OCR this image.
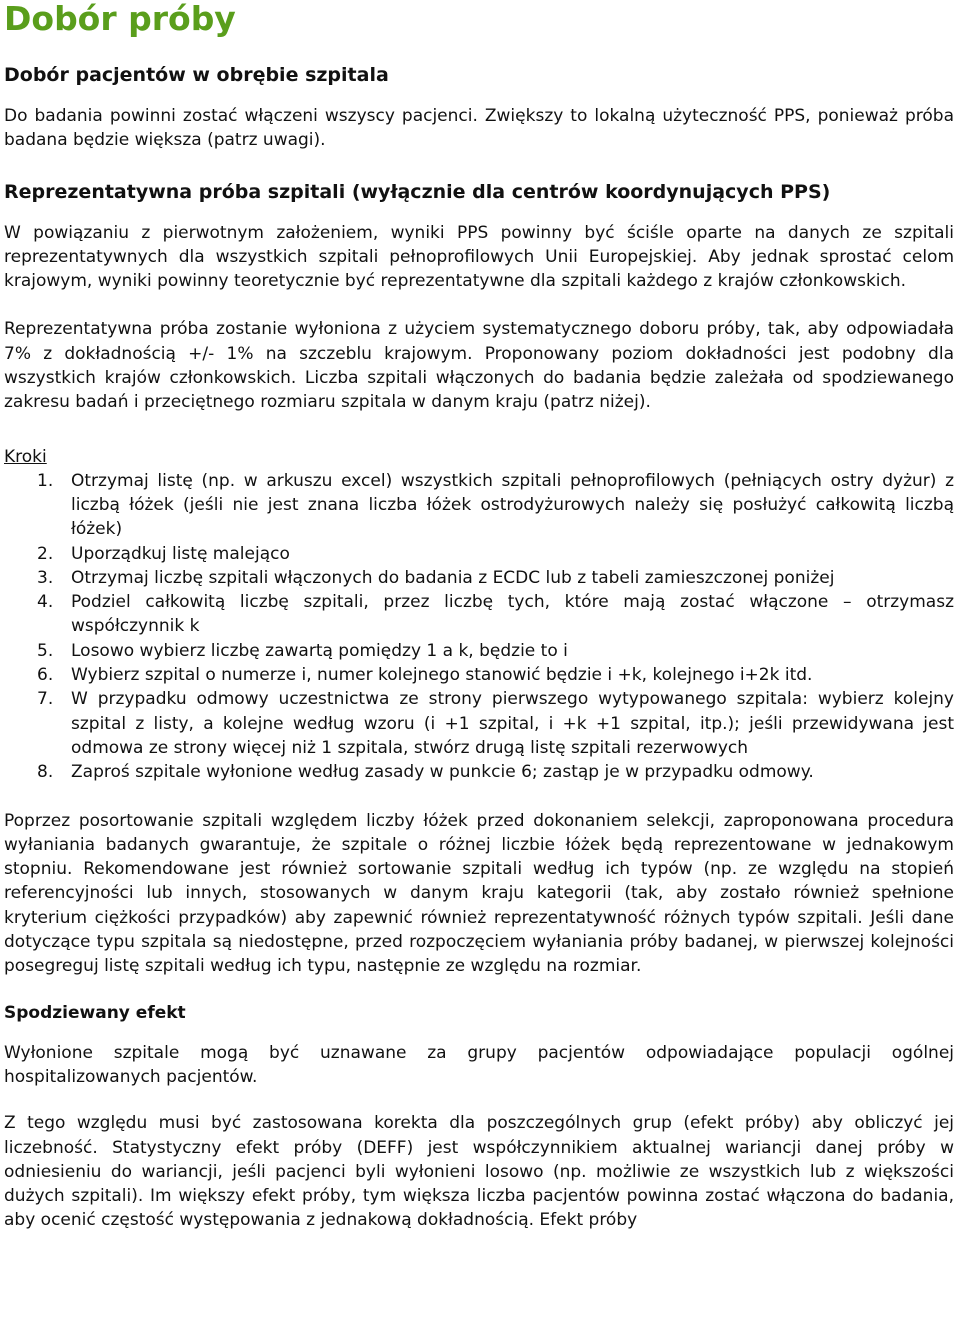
Dobór próby
Dobór pacjentów w obrębie szpitala

Do badania powinni zostać włączeni wszyscy pacjenci. Zwiększy to lokalną użyteczność PPS, ponieważ próba badana będzie większa (patrz uwagi).

Reprezentatywna próba szpitali (wyłącznie dla centrów koordynujących PPS)

W powiązaniu z pierwotnym założeniem, wyniki PPS powinny być ściśle oparte na danych ze szpitali reprezentatywnych dla wszystkich szpitali pełnoprofilowych Unii Europejskiej. Aby jednak sprostać celom krajowym, wyniki powinny teoretycznie być reprezentatywne dla szpitali każdego z krajów członkowskich.

Reprezentatywna próba zostanie wyłoniona z użyciem systematycznego doboru próby, tak, aby odpowiadała 7% z dokładnością +/- 1% na szczeblu krajowym. Proponowany poziom dokładności jest podobny dla wszystkich krajów członkowskich. Liczba szpitali włączonych do badania będzie zależała od spodziewanego zakresu badań i przeciętnego rozmiaru szpitala w danym kraju (patrz niżej).

Kroki
1.	Otrzymaj listę (np. w arkuszu excel) wszystkich szpitali pełnoprofilowych (pełniących ostry dyżur) z liczbą łóżek (jeśli nie jest znana liczba łóżek ostrodyżurowych należy się posłużyć całkowitą liczbą łóżek)
2.	Uporządkuj listę malejąco
3.	Otrzymaj liczbę szpitali włączonych do badania z ECDC lub z tabeli zamieszczonej poniżej
4.	Podziel całkowitą liczbę szpitali, przez liczbę tych, które mają zostać włączone – otrzymasz współczynnik k
5.	Losowo wybierz liczbę zawartą pomiędzy 1 a k, będzie to i
6.	Wybierz szpital o numerze i, numer kolejnego stanowić będzie i +k, kolejnego i+2k itd.
7.	W przypadku odmowy uczestnictwa ze strony pierwszego wytypowanego szpitala: wybierz kolejny szpital z listy, a kolejne według wzoru (i +1 szpital, i +k +1 szpital, itp.); jeśli przewidywana jest odmowa ze strony więcej niż 1 szpitala, stwórz drugą listę szpitali rezerwowych
8.	Zaproś szpitale wyłonione według zasady w punkcie 6; zastąp je w przypadku odmowy.

Poprzez posortowanie szpitali względem liczby łóżek przed dokonaniem selekcji, zaproponowana procedura wyłaniania badanych gwarantuje, że szpitale o różnej liczbie łóżek będą reprezentowane w jednakowym stopniu. Rekomendowane jest również sortowanie szpitali według ich typów (np. ze względu na stopień referencyjności lub innych, stosowanych w danym kraju kategorii (tak, aby zostało również spełnione kryterium ciężkości przypadków) aby zapewnić również reprezentatywność różnych typów szpitali. Jeśli dane dotyczące typu szpitala są niedostępne, przed rozpoczęciem wyłaniania próby badanej, w pierwszej kolejności posegreguj listę szpitali według ich typu, następnie ze względu na rozmiar.

Spodziewany efekt

Wyłonione szpitale mogą być uznawane za grupy pacjentów odpowiadające populacji ogólnej hospitalizowanych pacjentów.

Z tego względu musi być zastosowana korekta dla poszczególnych grup (efekt próby) aby obliczyć jej liczebność. Statystyczny efekt próby (DEFF) jest współczynnikiem aktualnej wariancji danej próby w odniesieniu do wariancji, jeśli pacjenci byli wyłonieni losowo (np. możliwie ze wszystkich lub z większości dużych szpitali). Im większy efekt próby, tym większa liczba pacjentów powinna zostać włączona do badania, aby ocenić częstość występowania z jednakową dokładnością. Efekt próby
